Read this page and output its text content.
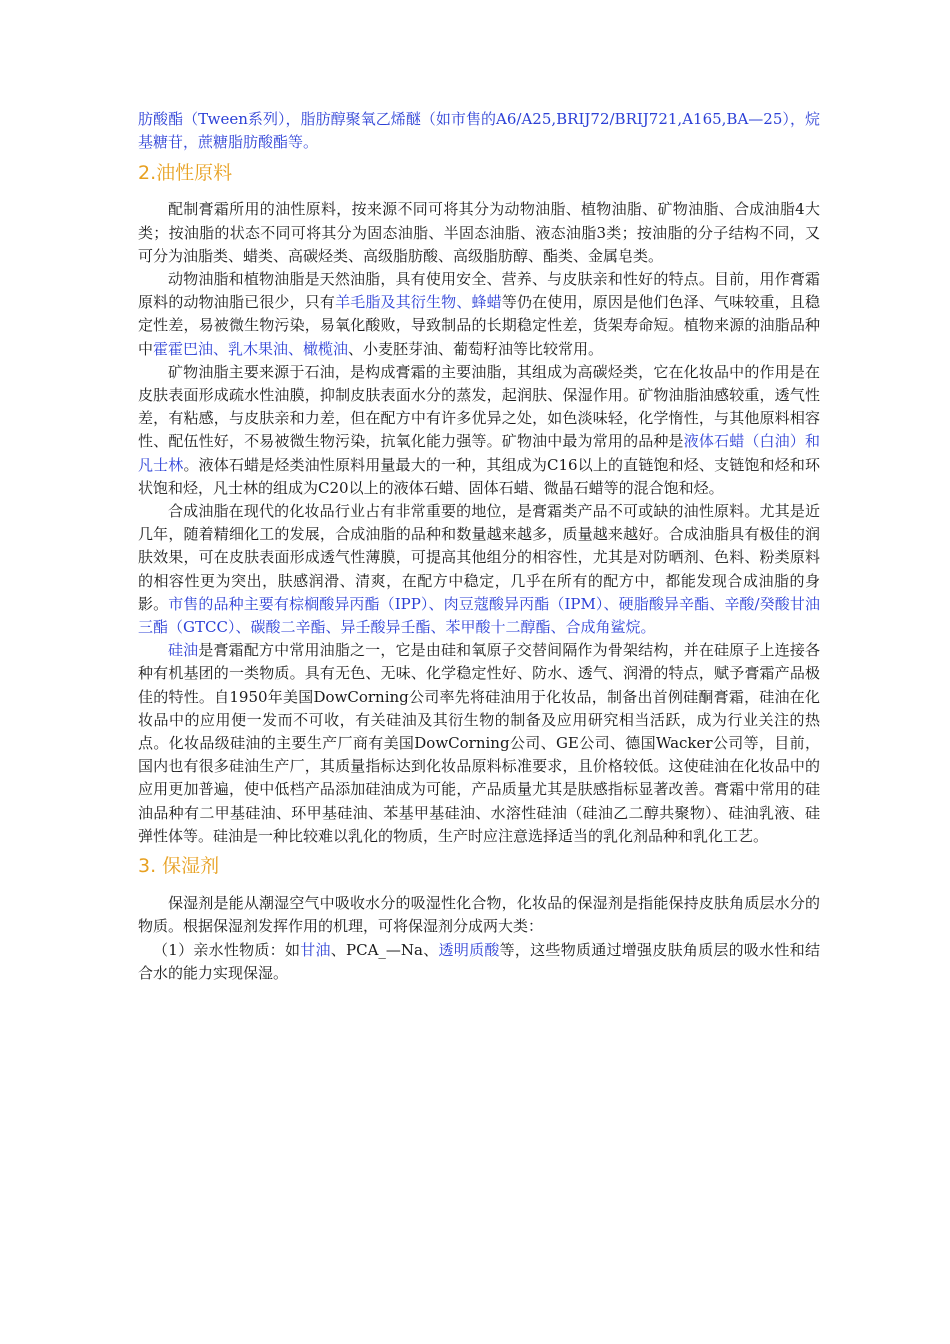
肪酸酯（Tween系列），脂肪醇聚氧乙烯醚（如市售的A6/A25,BRIJ72/BRIJ721,A165,BA—25），烷基糖苷，蔗糖脂肪酸酯等。

2.油性原料

配制膏霜所用的油性原料，按来源不同可将其分为动物油脂、植物油脂、矿物油脂、合成油脂4大类；按油脂的状态不同可将其分为固态油脂、半固态油脂、液态油脂3类；按油脂的分子结构不同，又可分为油脂类、蜡类、高碳烃类、高级脂肪酸、高级脂肪醇、酯类、金属皂类。

动物油脂和植物油脂是天然油脂，具有使用安全、营养、与皮肤亲和性好的特点。目前，用作膏霜原料的动物油脂已很少，只有羊毛脂及其衍生物、蜂蜡等仍在使用，原因是他们色泽、气味较重，且稳定性差，易被微生物污染，易氧化酸败，导致制品的长期稳定性差，货架寿命短。植物来源的油脂品种中霍霍巴油、乳木果油、橄榄油、小麦胚芽油、葡萄籽油等比较常用。

矿物油脂主要来源于石油，是构成膏霜的主要油脂，其组成为高碳烃类，它在化妆品中的作用是在皮肤表面形成疏水性油膜，抑制皮肤表面水分的蒸发，起润肤、保湿作用。矿物油脂油感较重，透气性差，有粘感，与皮肤亲和力差，但在配方中有许多优异之处，如色淡味轻，化学惰性，与其他原料相容性、配伍性好，不易被微生物污染，抗氧化能力强等。矿物油中最为常用的品种是液体石蜡（白油）和凡士林。液体石蜡是烃类油性原料用量最大的一种，其组成为C16以上的直链饱和烃、支链饱和烃和环状饱和烃，凡士林的组成为C20以上的液体石蜡、固体石蜡、微晶石蜡等的混合饱和烃。

合成油脂在现代的化妆品行业占有非常重要的地位，是膏霜类产品不可或缺的油性原料。尤其是近几年，随着精细化工的发展，合成油脂的品种和数量越来越多，质量越来越好。合成油脂具有极佳的润肤效果，可在皮肤表面形成透气性薄膜，可提高其他组分的相容性，尤其是对防晒剂、色料、粉类原料的相容性更为突出，肤感润滑、清爽，在配方中稳定，几乎在所有的配方中，都能发现合成油脂的身影。市售的品种主要有棕榈酸异丙酯（IPP）、肉豆蔻酸异丙酯（IPM）、硬脂酸异辛酯、辛酸/癸酸甘油三酯（GTCC）、碳酸二辛酯、异壬酸异壬酯、苯甲酸十二醇酯、合成角鲨烷。

硅油是膏霜配方中常用油脂之一，它是由硅和氧原子交替间隔作为骨架结构，并在硅原子上连接各种有机基团的一类物质。具有无色、无味、化学稳定性好、防水、透气、润滑的特点，赋予膏霜产品极佳的特性。自1950年美国DowCorning公司率先将硅油用于化妆品，制备出首例硅酮膏霜，硅油在化妆品中的应用便一发而不可收，有关硅油及其衍生物的制备及应用研究相当活跃，成为行业关注的热点。化妆品级硅油的主要生产厂商有美国DowCorning公司、GE公司、德国Wacker公司等，目前，国内也有很多硅油生产厂，其质量指标达到化妆品原料标准要求，且价格较低。这使硅油在化妆品中的应用更加普遍，使中低档产品添加硅油成为可能，产品质量尤其是肤感指标显著改善。膏霜中常用的硅油品种有二甲基硅油、环甲基硅油、苯基甲基硅油、水溶性硅油（硅油乙二醇共聚物）、硅油乳液、硅弹性体等。硅油是一种比较难以乳化的物质，生产时应注意选择适当的乳化剂品种和乳化工艺。

3. 保湿剂

保湿剂是能从潮湿空气中吸收水分的吸湿性化合物，化妆品的保湿剂是指能保持皮肤角质层水分的物质。根据保湿剂发挥作用的机理，可将保湿剂分成两大类：

（1）亲水性物质：如甘油、PCA_—Na、透明质酸等，这些物质通过增强皮肤角质层的吸水性和结合水的能力实现保湿。
